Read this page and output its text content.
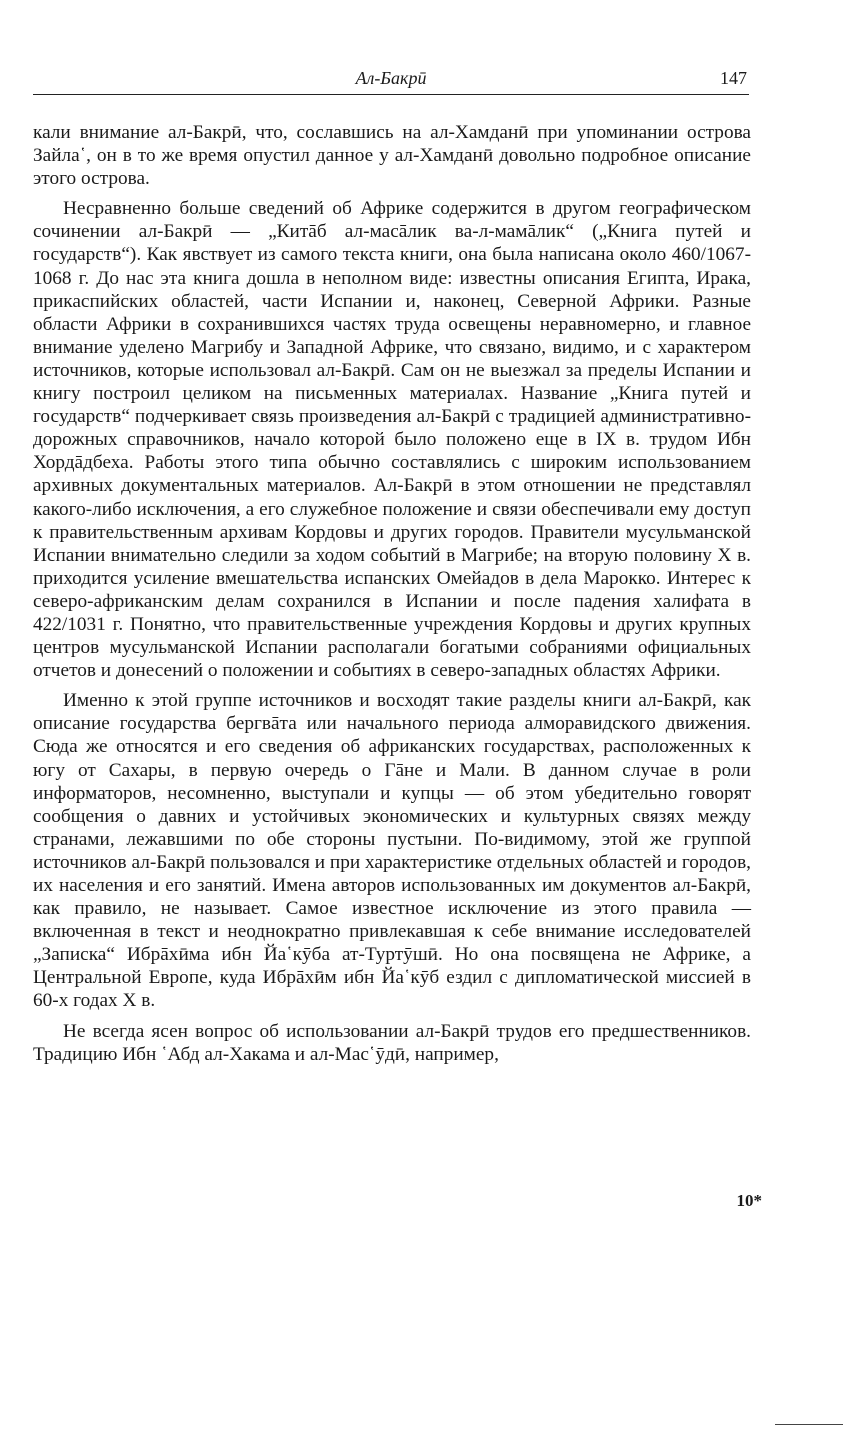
Ал-Бакрӣ	147

кали внимание ал-Бакрӣ, что, сославшись на ал-Хамданӣ при упоминании острова Зайла῾, он в то же время опустил данное у ал-Хамданӣ довольно подробное описание этого острова.

Несравненно больше сведений об Африке содержится в другом географическом сочинении ал-Бакрӣ — „Китāб ал-масāлик ва-л-мамāлик“ („Книга путей и государств“). Как явствует из самого текста книги, она была написана около 460/1067-1068 г. До нас эта книга дошла в неполном виде: известны описания Египта, Ирака, прикаспийских областей, части Испании и, наконец, Северной Африки. Разные области Африки в сохранившихся частях труда освещены неравномерно, и главное внимание уделено Магрибу и Западной Африке, что связано, видимо, и с характером источников, которые использовал ал-Бакрӣ. Сам он не выезжал за пределы Испании и книгу построил целиком на письменных материалах. Название „Книга путей и государств“ подчеркивает связь произведения ал-Бакрӣ с традицией административно-дорожных справочников, начало которой было положено еще в IX в. трудом Ибн Хордāдбеха. Работы этого типа обычно составлялись с широким использованием архивных документальных материалов. Ал-Бакрӣ в этом отношении не представлял какого-либо исключения, а его служебное положение и связи обеспечивали ему доступ к правительственным архивам Кордовы и других городов. Правители мусульманской Испании внимательно следили за ходом событий в Магрибе; на вторую половину X в. приходится усиление вмешательства испанских Омейадов в дела Марокко. Интерес к северо-африканским делам сохранился в Испании и после падения халифата в 422/1031 г. Понятно, что правительственные учреждения Кордовы и других крупных центров мусульманской Испании располагали богатыми собраниями официальных отчетов и донесений о положении и событиях в северо-западных областях Африки.

Именно к этой группе источников и восходят такие разделы книги ал-Бакрӣ, как описание государства бергвāта или начального периода алморавидского движения. Сюда же относятся и его сведения об африканских государствах, расположенных к югу от Сахары, в первую очередь о Гāне и Мали. В данном случае в роли информаторов, несомненно, выступали и купцы — об этом убедительно говорят сообщения о давних и устойчивых экономических и культурных связях между странами, лежавшими по обе стороны пустыни. По-видимому, этой же группой источников ал-Бакрӣ пользовался и при характеристике отдельных областей и городов, их населения и его занятий. Имена авторов использованных им документов ал-Бакрӣ, как правило, не называет. Самое известное исключение из этого правила — включенная в текст и неоднократно привлекавшая к себе внимание исследователей „Записка“ Ибрāхӣма ибн Йа῾кӯба ат-Туртӯшӣ. Но она посвящена не Африке, а Центральной Европе, куда Ибрāхӣм ибн Йа῾кӯб ездил с дипломатической миссией в 60-х годах X в.

Не всегда ясен вопрос об использовании ал-Бакрӣ трудов его предшественников. Традицию Ибн ῾Абд ал-Хакама и ал-Мас῾ӯдӣ, например,

10*
